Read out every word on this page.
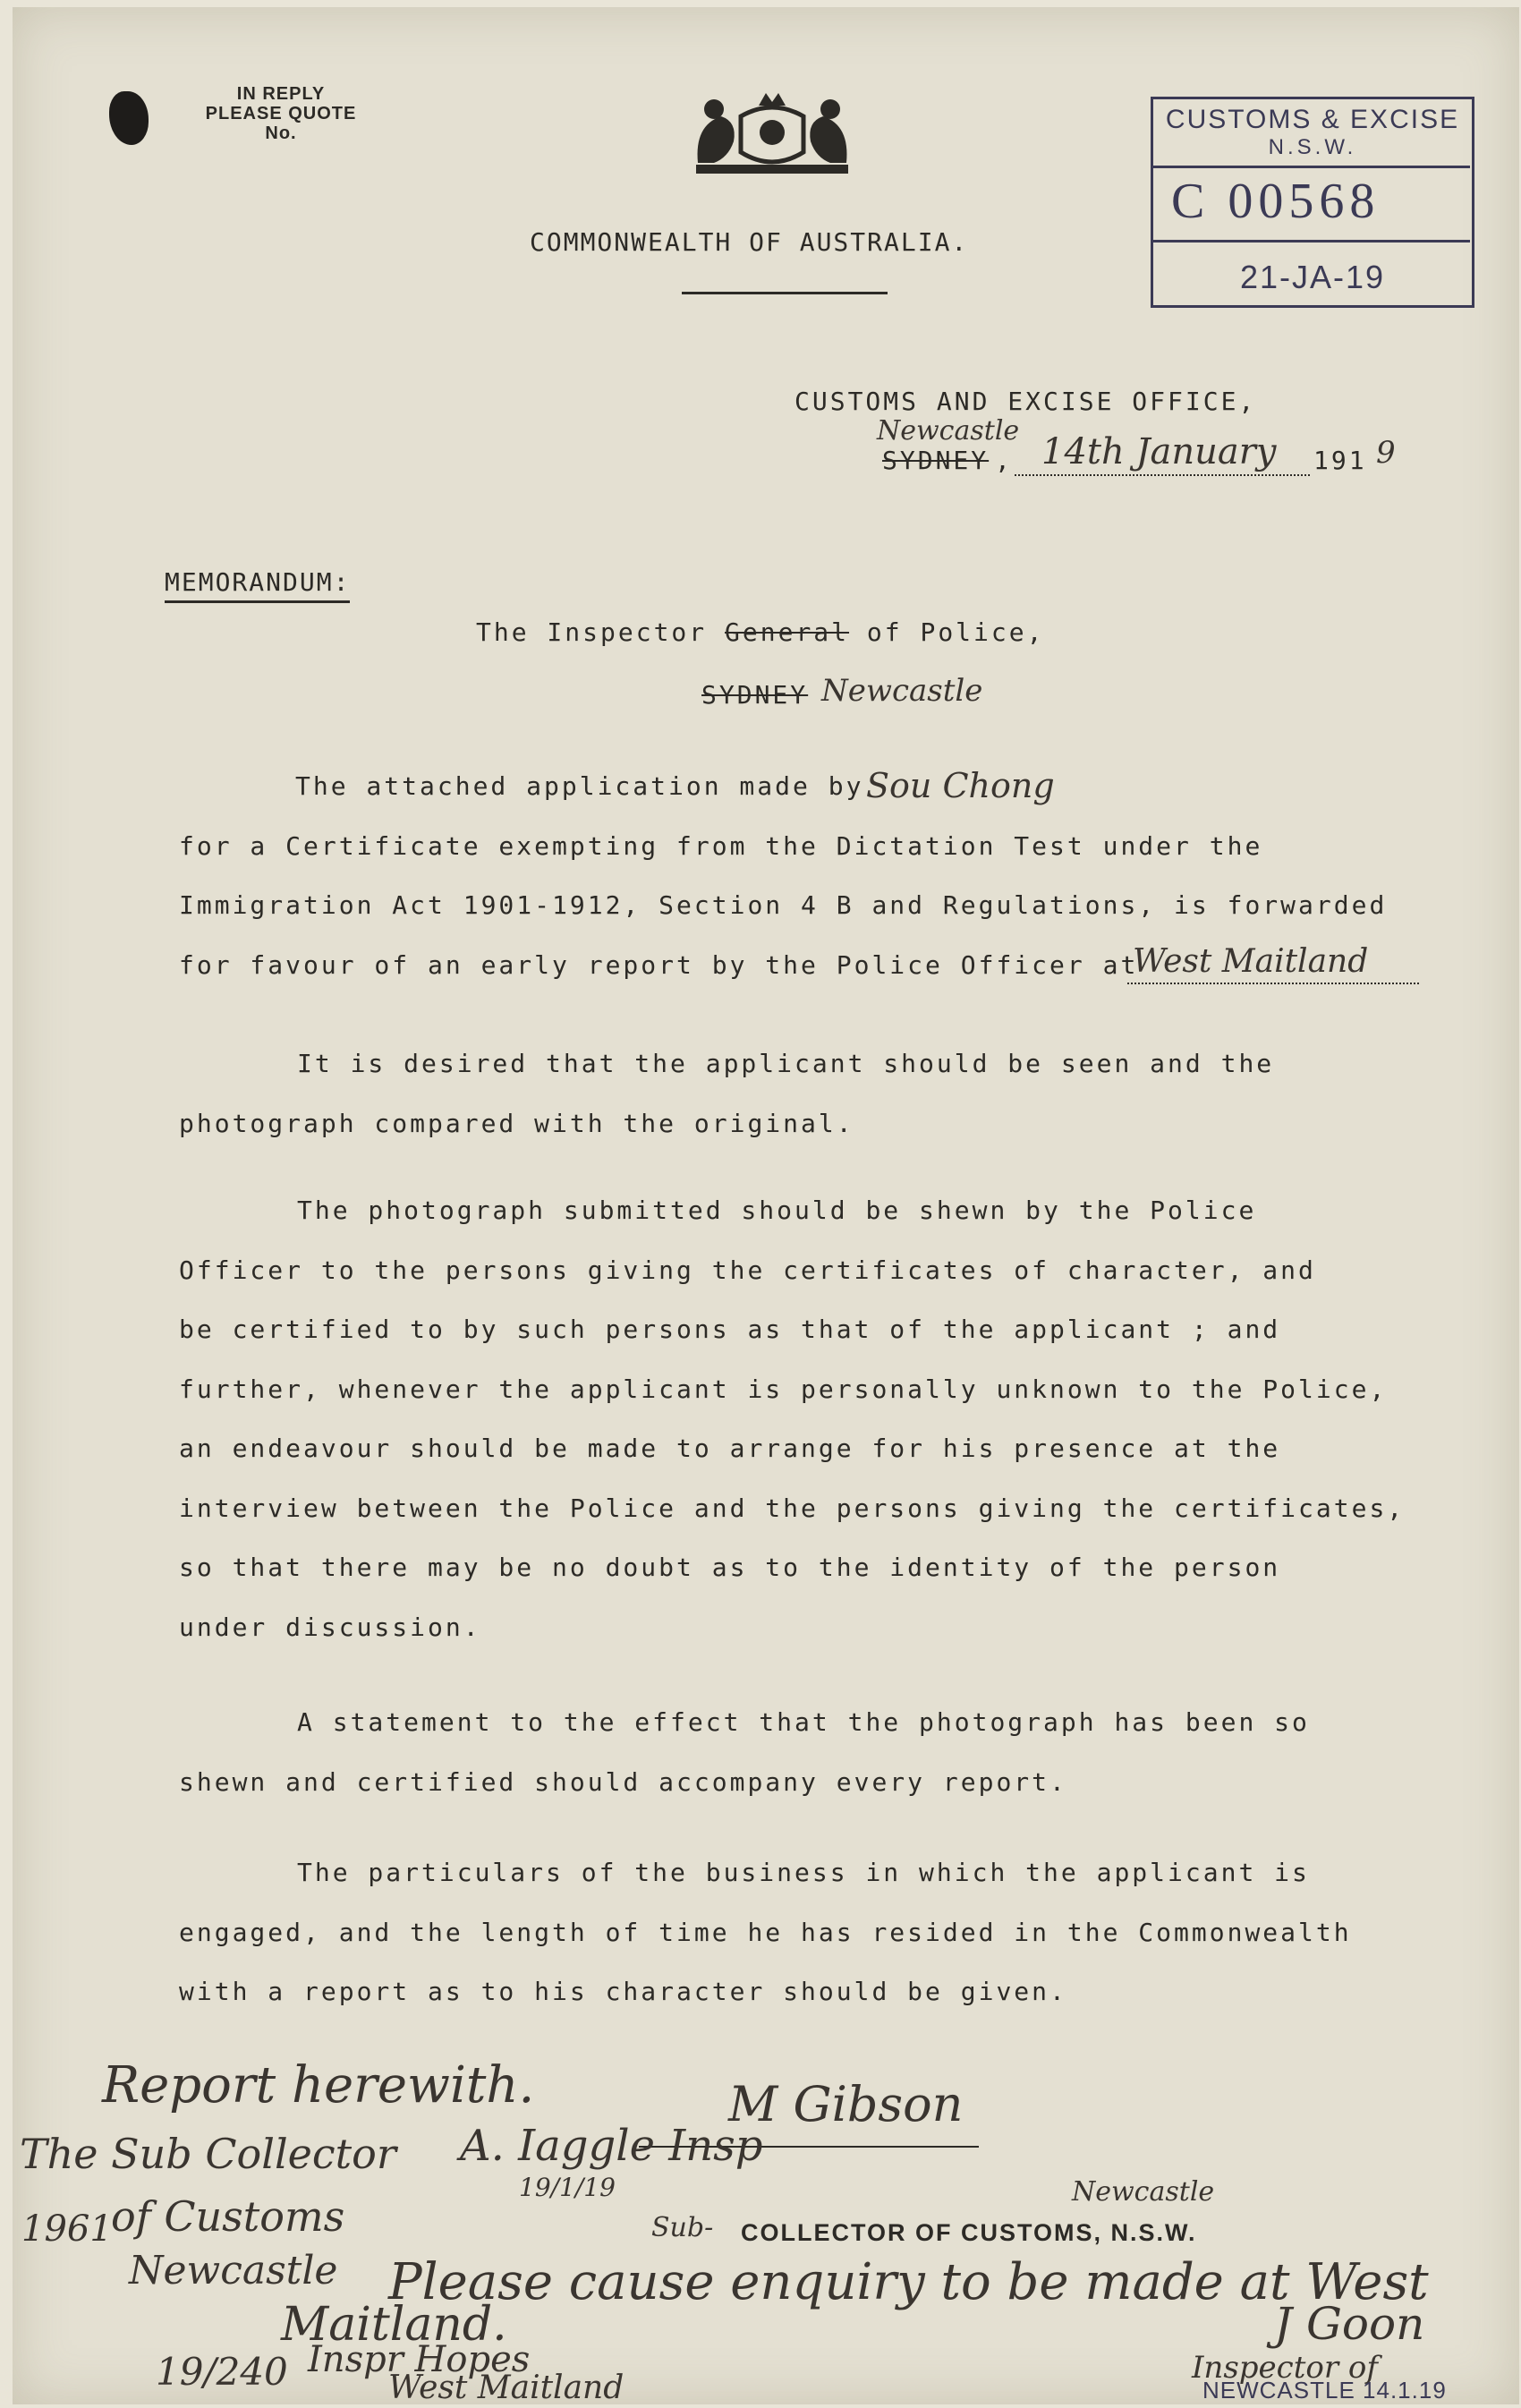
IN REPLY
PLEASE QUOTE
No.
COMMONWEALTH OF AUSTRALIA.
CUSTOMS & EXCISE
N.S.W.
C 00568
21-JA-19
CUSTOMS AND EXCISE OFFICE,
Newcastle
SYDNEY , 14th January 191 9
MEMORANDUM:
The Inspector General of Police,
SYDNEY Newcastle
The attached application made by
for a Certificate exempting from the Dictation Test under the
Immigration Act 1901-1912, Section 4 B and Regulations, is forwarded
for favour of an early report by the Police Officer at
Sou Chong
West Maitland
It is desired that the applicant should be seen and the
photograph compared with the original.
The photograph submitted should be shewn by the Police
Officer to the persons giving the certificates of character, and
be certified to by such persons as that of the applicant ; and
further, whenever the applicant is personally unknown to the Police,
an endeavour should be made to arrange for his presence at the
interview between the Police and the persons giving the certificates,
so that there may be no doubt as to the identity of the person
under discussion.
A statement to the effect that the photograph has been so
shewn and certified should accompany every report.
The particulars of the business in which the applicant is
engaged, and the length of time he has resided in the Commonwealth
with a report as to his character should be given.
Report herewith.	M Gibson
The Sub Collector A. Iaggle Insp
19/1/19	Newcastle
Sub- COLLECTOR OF CUSTOMS, N.S.W.
1961
of Customs
Newcastle Please cause enquiry to be made at West
Maitland.	J Goon
Inspector of
19/240 Inspr Hopes
West Maitland	NEWCASTLE 14.1.19
